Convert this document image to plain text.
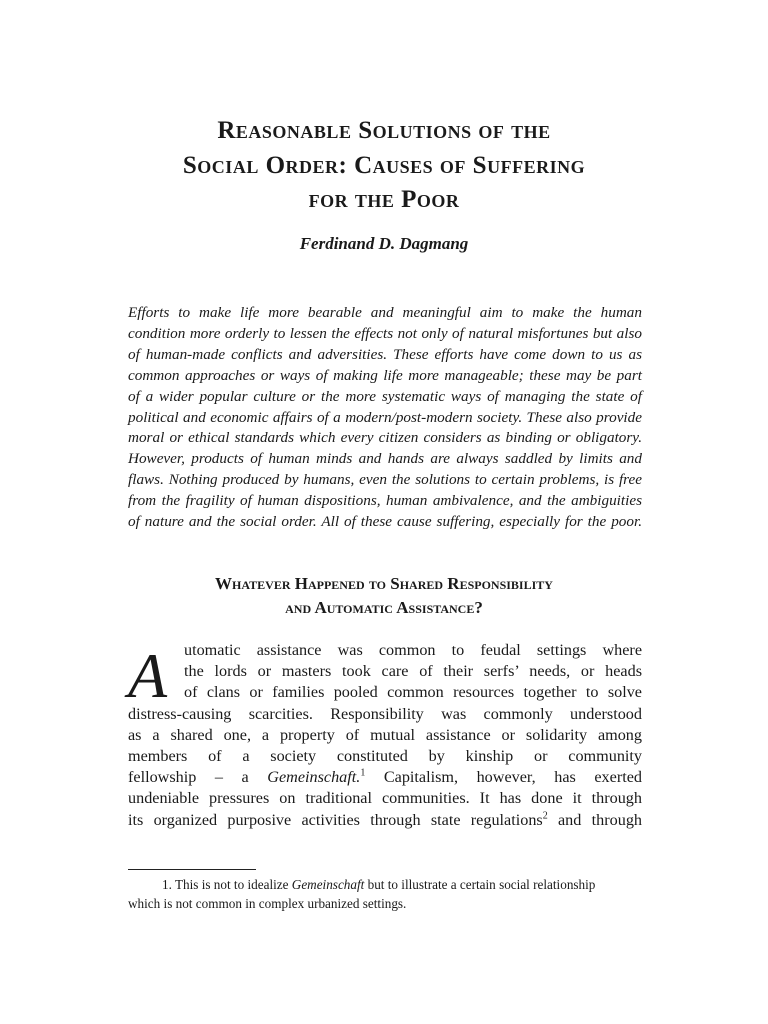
Reasonable Solutions of the
Social Order: Causes of Suffering
for the Poor

Ferdinand D. Dagmang

Efforts to make life more bearable and meaningful aim to make the human
condition more orderly to lessen the effects not only of natural misfortunes but also
of human-made conflicts and adversities. These efforts have come down to us as
common approaches or ways of making life more manageable; these may be part
of a wider popular culture or the more systematic ways of managing the state of
political and economic affairs of a modern/post-modern society. These also provide
moral or ethical standards which every citizen considers as binding or obligatory.
However, products of human minds and hands are always saddled by limits and
flaws. Nothing produced by humans, even the solutions to certain problems, is free
from the fragility of human dispositions, human ambivalence, and the ambiguities
of nature and the social order. All of these cause suffering, especially for the poor.
Whatever Happened to Shared Responsibility
and Automatic Assistance?
A	utomatic assistance was common to feudal settings where
the lords or masters took care of their serfs’ needs, or heads
of clans or families pooled common resources together to solve
distress-causing scarcities. Responsibility was commonly understood
as a shared one, a property of mutual assistance or solidarity among
members of a society constituted by kinship or community
fellowship – a Gemeinschaft.$^1$ Capitalism, however, has exerted
undeniable pressures on traditional communities. It has done it through
its organized purposive activities through state regulations$^2$ and through
1. This is not to idealize Gemeinschaft but to illustrate a certain social relationship
which is not common in complex urbanized settings.
